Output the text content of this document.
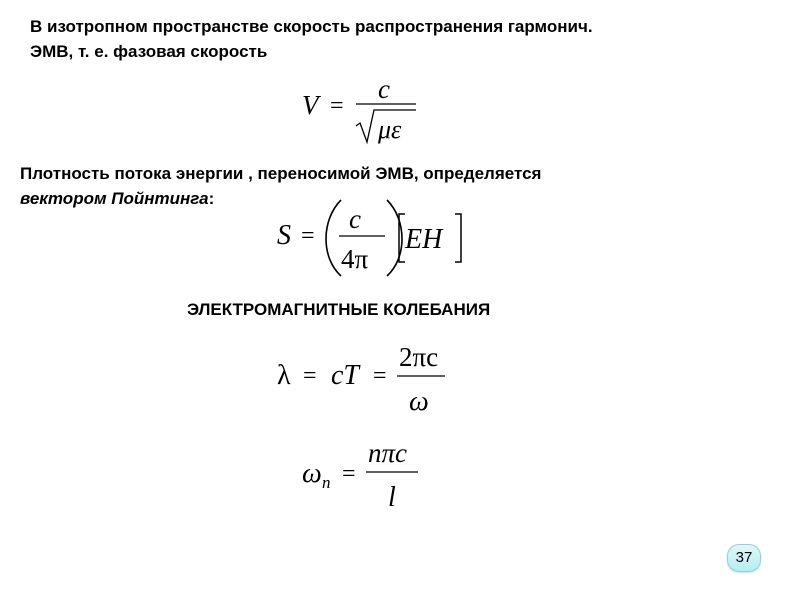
В изотропном пространстве скорость распространения гармонич.
ЭМВ, т. е. фазовая скорость
V =
c
με
Плотность потока энергии , переносимой ЭМВ, определяется
вектором Пойнтинга:
S =
c
4π
EH
ЭЛЕКТРОМАГНИТНЫЕ КОЛЕБАНИЯ
λ = cT =
2πc
ω
ω n =
nπc
l
37
